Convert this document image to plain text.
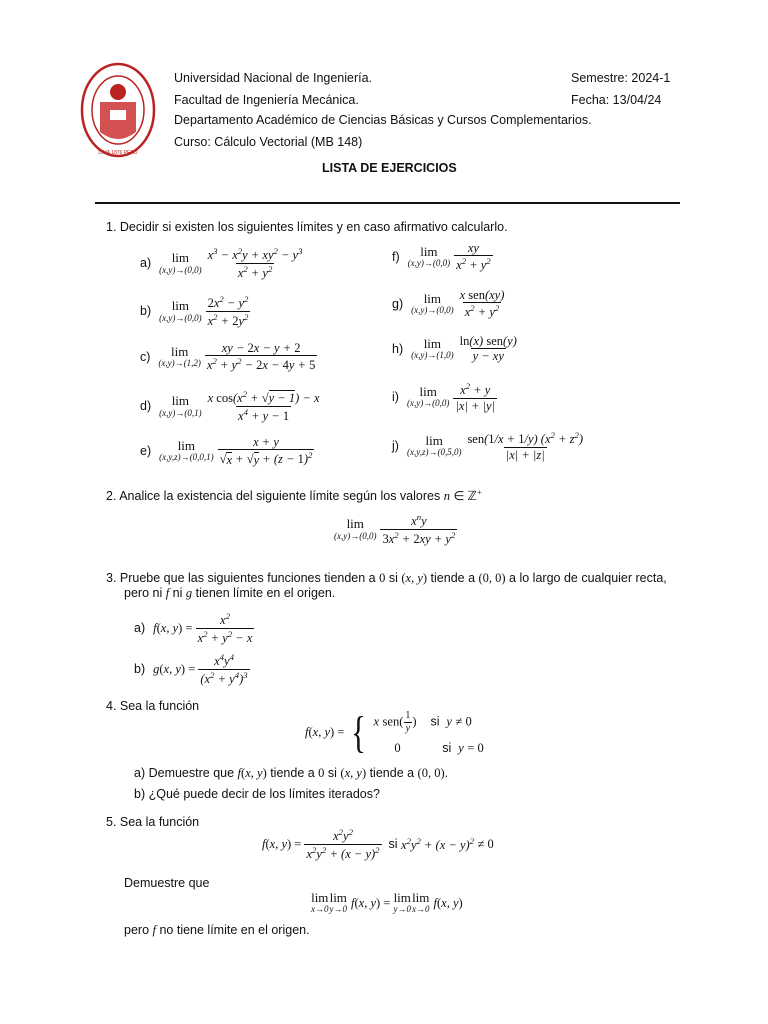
LIMA 1876 PERÚ
Universidad Nacional de Ingeniería.
Facultad de Ingeniería Mecánica.
Departamento Académico de Ciencias Básicas y Cursos Complementarios.
Curso: Cálculo Vectorial (MB 148)
Semestre: 2024-1
Fecha: 13/04/24
LISTA DE EJERCICIOS
1. Decidir si existen los siguientes límites y en caso afirmativo calcularlo.
a) lim
$(x,y)\to(0,0) \frac{x^3 - x^2y + xy^2 - y^3}{x^2 + y^2}$
b) lim
$(x,y)\to(0,0) \frac{2x^2 - y^2}{x^2 + 2y^2}$
c) lim
$(x,y)\to(1,2) \frac{xy - 2x - y + 2}{x^2 + y^2 - 2x - 4y + 5}$
d) lim
$(x,y)\to(0,1) \frac{x \cos(x^2 + √y - 1) - x}{x^4 + y - 1}$
e) lim
$(x,y,z)\to(0,0,1) \frac{x + y}{√x + √y + (z - 1)^2}$
f) lim
$(x,y)\to(0,0) \frac{xy}{x^2 + y^2}$
g) lim
$(x,y)\to(0,0) \frac{\text{x sen(xy)}}{x^2 + y^2}$
h) lim
$(x,y)\to(1,0) \frac{\text{ln(x) sen(y)}}{y - xy}$
i) lim
$(x,y)\to(0,0) \frac{x^2 + y}{|x| + |y|}$
j) lim
$(x,y,z)\to(0,5,0) \frac{sen(1/x + 1/y) (x^2 + z^2)}{|x| + |z|}$
2. Analice la existencia del siguiente límite según los valores n ∈ ℤ+
lim
$(x,y)\to(0,0) \frac{x^ny}{3x^2 + 2xy + y^2}$
3. Pruebe que las siguientes funciones tienden a 0 si (x, y) tiende a (0, 0) a lo largo de cualquier recta,
pero ni f ni g tienen límite en el origen.
a) f ( x, y ) = $\frac{x^2}{x^2 + y^2 - x}$
b) g ( x, y ) = $\frac{x^4y^4}{(x^2 + y^4)^3}$
4. Sea la función
f ( x, y ) = { x $sen( \frac{1}{y}$ ) si y ≠ 0
0	si y = 0
a) Demuestre que f(x, y) tiende a 0 si (x, y) tiende a (0, 0).
b) ¿Qué puede decir de los límites iterados?
5. Sea la función
f ( x, y ) = $\frac{x^2y^2}{x^2y^2 + (x - y)^2}$
si
$x^2y^2 + (x - y)^2$
≠ 0
Demuestre que
lim
x→0
lim
y→0 f ( x, y ) = lim
y→0
lim
x→0 f ( x, y )
pero f no tiene límite en el origen.
